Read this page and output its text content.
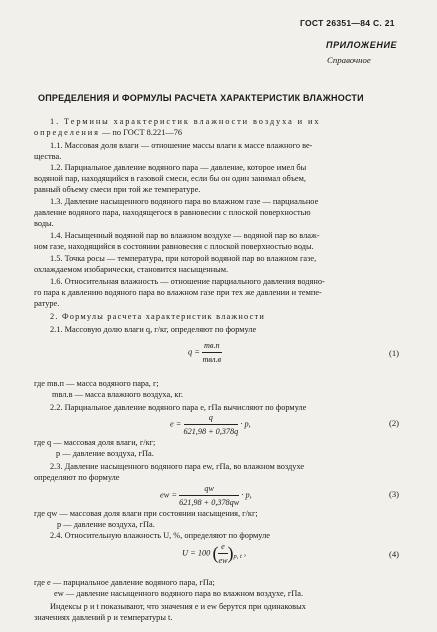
ГОСТ 26351—84 С. 21
ПРИЛОЖЕНИЕ
Справочное
ОПРЕДЕЛЕНИЯ И ФОРМУЛЫ РАСЧЕТА ХАРАКТЕРИСТИК ВЛАЖНОСТИ
1. Термины характеристик влажности воздуха и их
определения — по ГОСТ 8.221—76
1.1. Массовая доля влаги — отношение массы влаги к массе влажного ве-
щества.
1.2. Парциальное давление водяного пара — давление, которое имел бы
водяной пар, находящийся в газовой смеси, если бы он один занимал объем,
равный объему смеси при той же температуре.
1.3. Давление насыщенного водяного пара во влажном газе — парциальное
давление водяного пара, находящегося в равновесии с плоской поверхностью
воды.
1.4. Насыщенный водяной пар во влажном воздухе — водяной пар во влаж-
ном газе, находящийся в состоянии равновесия с плоской поверхностью воды.
1.5. Точка росы — температура, при которой водяной пар во влажном газе,
охлаждаемом изобарически, становится насыщенным.
1.6. Относительная влажность — отношение парциального давления водяно-
го пара к давлению водяного пара во влажном газе при тех же давлении и темпе-
ратуре.
2. Формулы расчета характеристик влажности
2.1. Массовую долю влаги q, г/кг, определяют по формуле
$q = \frac{mв.п}{\text{mвл.в}}$	(1)
где mв.п — масса водяного пара, г;
mвл.в — масса влажного воздуха, кг.
2.2. Парциальное давление водяного пара e, гПа вычисляют по формуле
$e = \frac{q}{621,98 + 0,378q} \cdot p$,	(2)
где q — массовая доля влаги, г/кг;
p — давление воздуха, гПа.
2.3. Давление насыщенного водяного пара ew, гПа, во влажном воздухе
определяют по формуле
ew = $\frac{qw}{621,98 + 0,378qw} \cdot p$,	(3)
где qw — массовая доля влаги при состоянии насыщения, г/кг;
p — давление воздуха, гПа.
2.4. Относительную влажность U, %, определяют по формуле
U = 100 ( $\frac{e}{ew} )_{p, t}$ ,	(4)
где e — парциальное давление водяного пара, гПа;
ew — давление насыщенного водяного пара во влажном воздухе, гПа.
Индексы p и t показывают, что значения e и ew берутся при одинаковых
значениях давлений p и температуры t.
